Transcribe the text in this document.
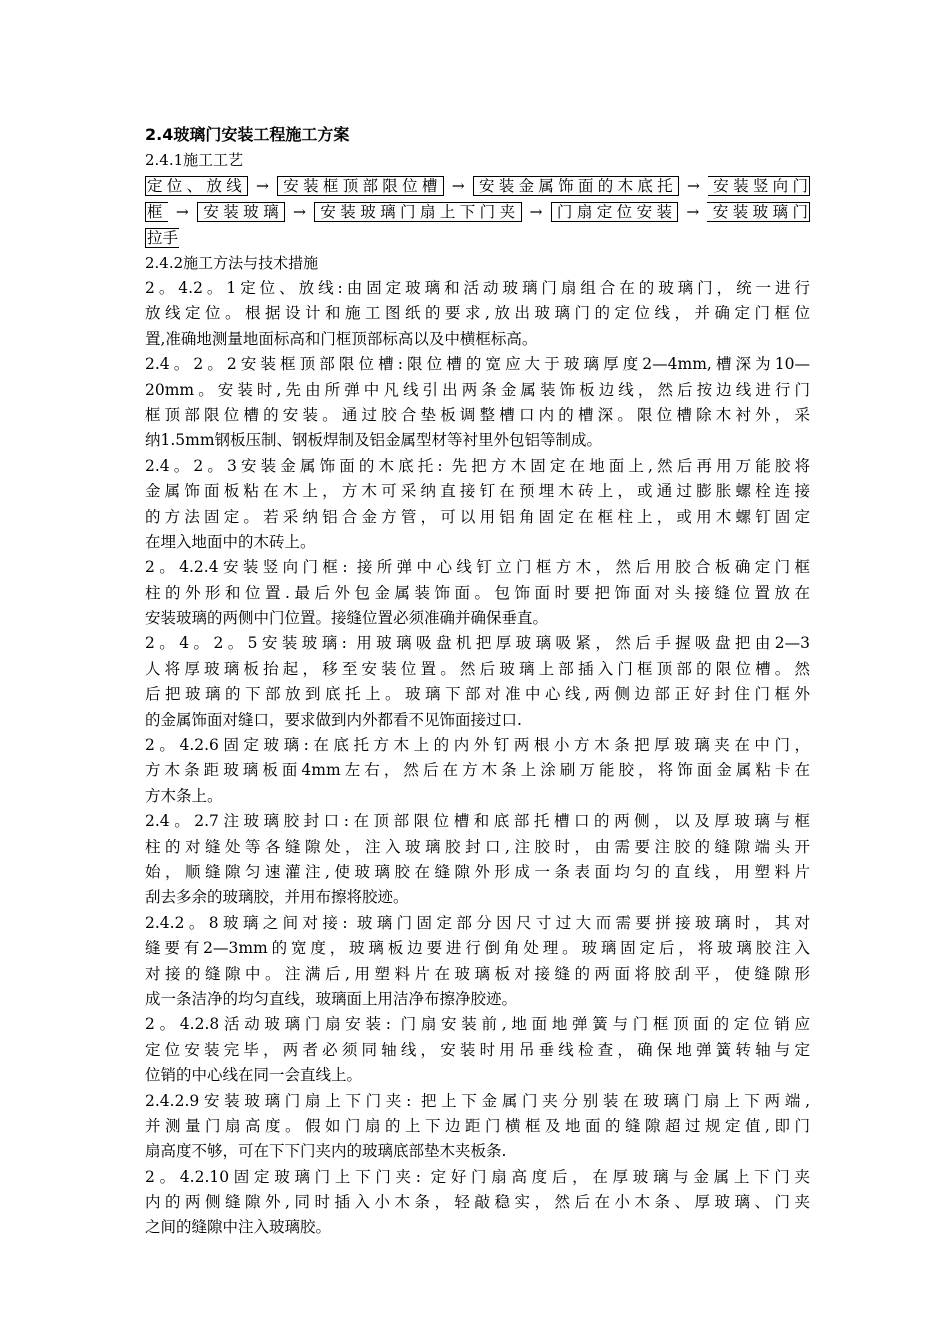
2.4玻璃门安装工程施工方案

2.4.1施工工艺

定位、放线 → 安装框顶部限位槽 → 安装金属饰面的木底托 → 安装竖向门

框 → 安装玻璃 → 安装玻璃门扇上下门夹 → 门扇定位安装 → 安装玻璃门

拉手

2.4.2施工方法与技术措施

2。4.2。1定位、放线:由固定玻璃和活动玻璃门扇组合在的玻璃门，统一进行

放线定位。根据设计和施工图纸的要求,放出玻璃门的定位线，并确定门框位

置,准确地测量地面标高和门框顶部标高以及中横框标高。

2.4。2。2安装框顶部限位槽:限位槽的宽应大于玻璃厚度2—4mm,槽深为10—

20mm。安装时,先由所弹中凡线引出两条金属装饰板边线，然后按边线进行门

框顶部限位槽的安装。通过胶合垫板调整槽口内的槽深。限位槽除木衬外，采

纳1.5mm钢板压制、钢板焊制及铝金属型材等衬里外包铝等制成。

2.4。2。3安装金属饰面的木底托: 先把方木固定在地面上,然后再用万能胶将

金属饰面板粘在木上，方木可采纳直接钉在预埋木砖上，或通过膨胀螺栓连接

的方法固定。若采纳铝合金方管，可以用铝角固定在框柱上，或用木螺钉固定

在埋入地面中的木砖上。

2。4.2.4安装竖向门框: 接所弹中心线钉立门框方木，然后用胶合板确定门框

柱的外形和位置.最后外包金属装饰面。包饰面时要把饰面对头接缝位置放在

安装玻璃的两侧中门位置。接缝位置必须准确并确保垂直。

2。4。2。5安装玻璃: 用玻璃吸盘机把厚玻璃吸紧，然后手握吸盘把由2—3

人将厚玻璃板抬起，移至安装位置。然后玻璃上部插入门框顶部的限位槽。然

后把玻璃的下部放到底托上。玻璃下部对准中心线,两侧边部正好封住门框外

的金属饰面对缝口，要求做到内外都看不见饰面接过口.

2。4.2.6固定玻璃:在底托方木上的内外钉两根小方木条把厚玻璃夹在中门，

方木条距玻璃板面4mm左右，然后在方木条上涂刷万能胶，将饰面金属粘卡在

方木条上。

2.4。2.7注玻璃胶封口:在顶部限位槽和底部托槽口的两侧，以及厚玻璃与框

柱的对缝处等各缝隙处，注入玻璃胶封口,注胶时，由需要注胶的缝隙端头开

始，顺缝隙匀速灌注,使玻璃胶在缝隙外形成一条表面均匀的直线，用塑料片

刮去多余的玻璃胶，并用布擦将胶迹。

2.4.2。8玻璃之间对接: 玻璃门固定部分因尺寸过大而需要拼接玻璃时，其对

缝要有2—3mm的宽度，玻璃板边要进行倒角处理。玻璃固定后，将玻璃胶注入

对接的缝隙中。注满后,用塑料片在玻璃板对接缝的两面将胶刮平，使缝隙形

成一条洁净的均匀直线，玻璃面上用洁净布擦净胶迹。

2。4.2.8活动玻璃门扇安装: 门扇安装前,地面地弹簧与门框顶面的定位销应

定位安装完毕，两者必须同轴线，安装时用吊垂线检查，确保地弹簧转轴与定

位销的中心线在同一会直线上。

2.4.2.9安装玻璃门扇上下门夹: 把上下金属门夹分别装在玻璃门扇上下两端,

并测量门扇高度。假如门扇的上下边距门横框及地面的缝隙超过规定值,即门

扇高度不够，可在下下门夹内的玻璃底部垫木夹板条.

2。4.2.10固定玻璃门上下门夹: 定好门扇高度后，在厚玻璃与金属上下门夹

内的两侧缝隙外,同时插入小木条，轻敲稳实，然后在小木条、厚玻璃、门夹

之间的缝隙中注入玻璃胶。
